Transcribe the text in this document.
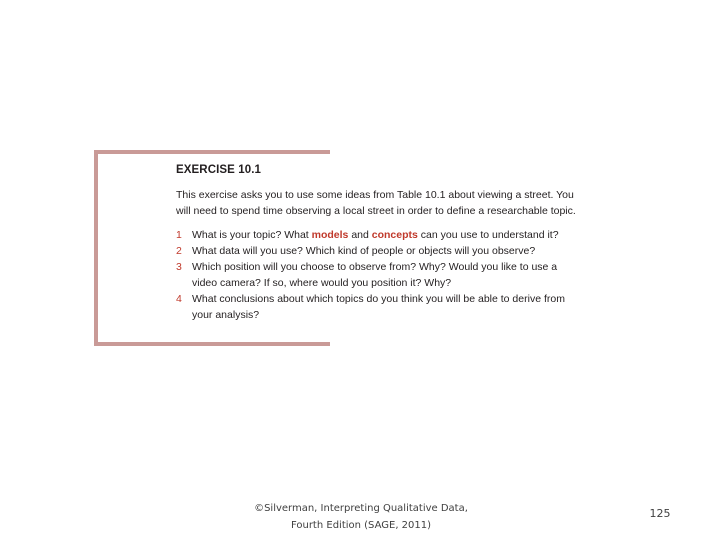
EXERCISE 10.1
This exercise asks you to use some ideas from Table 10.1 about viewing a street. You
will need to spend time observing a local street in order to define a researchable topic.
1 What is your topic? What models and concepts can you use to understand it?
2 What data will you use? Which kind of people or objects will you observe?
3 Which position will you choose to observe from? Why? Would you like to use a
video camera? If so, where would you position it? Why?
4 What conclusions about which topics do you think you will be able to derive from
your analysis?
©Silverman, Interpreting Qualitative Data,
Fourth Edition (SAGE, 2011)
125
